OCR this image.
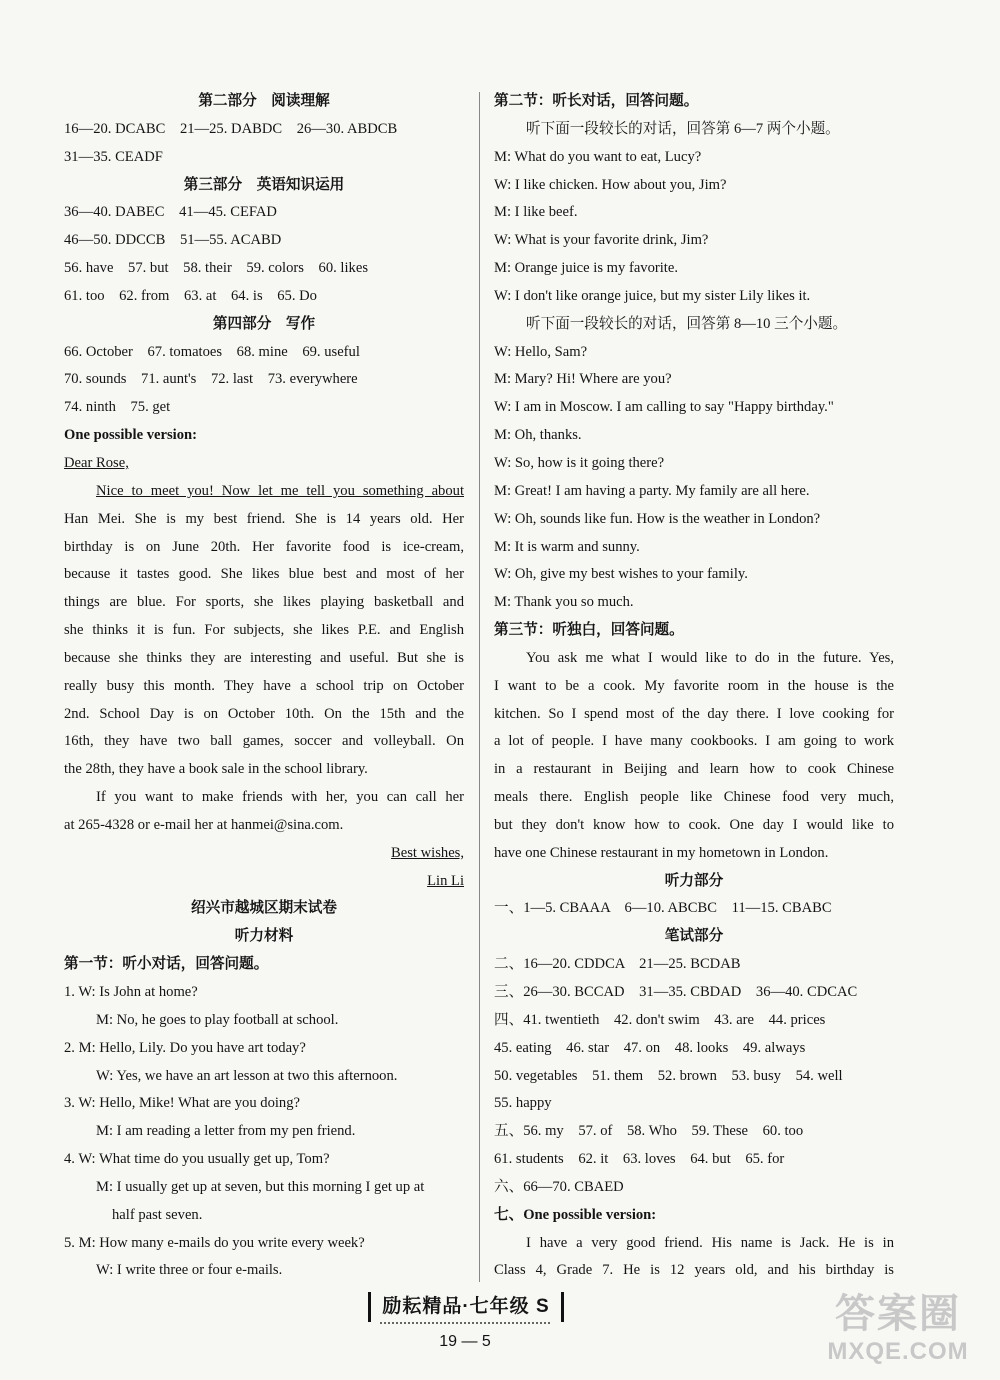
第二部分　阅读理解
16—20. DCABC　21—25. DABDC　26—30. ABDCB
31—35. CEADF
第三部分　英语知识运用
36—40. DABEC　41—45. CEFAD
46—50. DDCCB　51—55. ACABD
56. have　57. but　58. their　59. colors　60. likes
61. too　62. from　63. at　64. is　65. Do
第四部分　写作
66. October　67. tomatoes　68. mine　69. useful
70. sounds　71. aunt's　72. last　73. everywhere
74. ninth　75. get
One possible version:
Dear Rose,
Nice to meet you! Now let me tell you something about
Han Mei. She is my best friend. She is 14 years old. Her
birthday is on June 20th. Her favorite food is ice-cream,
because it tastes good. She likes blue best and most of her
things are blue. For sports, she likes playing basketball and
she thinks it is fun. For subjects, she likes P.E. and English
because she thinks they are interesting and useful. But she is
really busy this month. They have a school trip on October
2nd. School Day is on October 10th. On the 15th and the
16th, they have two ball games, soccer and volleyball. On
the 28th, they have a book sale in the school library.
If you want to make friends with her, you can call her
at 265-4328 or e-mail her at hanmei@sina.com.
Best wishes,
Lin Li
绍兴市越城区期末试卷
听力材料
第一节：听小对话，回答问题。
1. W: Is John at home?
M: No, he goes to play football at school.
2. M: Hello, Lily. Do you have art today?
W: Yes, we have an art lesson at two this afternoon.
3. W: Hello, Mike! What are you doing?
M: I am reading a letter from my pen friend.
4. W: What time do you usually get up, Tom?
M: I usually get up at seven, but this morning I get up at
half past seven.
5. M: How many e-mails do you write every week?
W: I write three or four e-mails.
第二节：听长对话，回答问题。
听下面一段较长的对话，回答第 6—7 两个小题。
M: What do you want to eat, Lucy?
W: I like chicken. How about you, Jim?
M: I like beef.
W: What is your favorite drink, Jim?
M: Orange juice is my favorite.
W: I don't like orange juice, but my sister Lily likes it.
听下面一段较长的对话，回答第 8—10 三个小题。
W: Hello, Sam?
M: Mary? Hi! Where are you?
W: I am in Moscow. I am calling to say "Happy birthday."
M: Oh, thanks.
W: So, how is it going there?
M: Great! I am having a party. My family are all here.
W: Oh, sounds like fun. How is the weather in London?
M: It is warm and sunny.
W: Oh, give my best wishes to your family.
M: Thank you so much.
第三节：听独白，回答问题。
You ask me what I would like to do in the future. Yes,
I want to be a cook. My favorite room in the house is the
kitchen. So I spend most of the day there. I love cooking for
a lot of people. I have many cookbooks. I am going to work
in a restaurant in Beijing and learn how to cook Chinese
meals there. English people like Chinese food very much,
but they don't know how to cook. One day I would like to
have one Chinese restaurant in my hometown in London.
听力部分
一、1—5. CBAAA　6—10. ABCBC　11—15. CBABC
笔试部分
二、16—20. CDDCA　21—25. BCDAB
三、26—30. BCCAD　31—35. CBDAD　36—40. CDCAC
四、41. twentieth　42. don't swim　43. are　44. prices
45. eating　46. star　47. on　48. looks　49. always
50. vegetables　51. them　52. brown　53. busy　54. well
55. happy
五、56. my　57. of　58. Who　59. These　60. too
61. students　62. it　63. loves　64. but　65. for
六、66—70. CBAED
七、One possible version:
I have a very good friend. His name is Jack. He is in
Class 4, Grade 7. He is 12 years old, and his birthday is
励耘精品·七年级 S
19 — 5
答案圈
MXQE.COM
